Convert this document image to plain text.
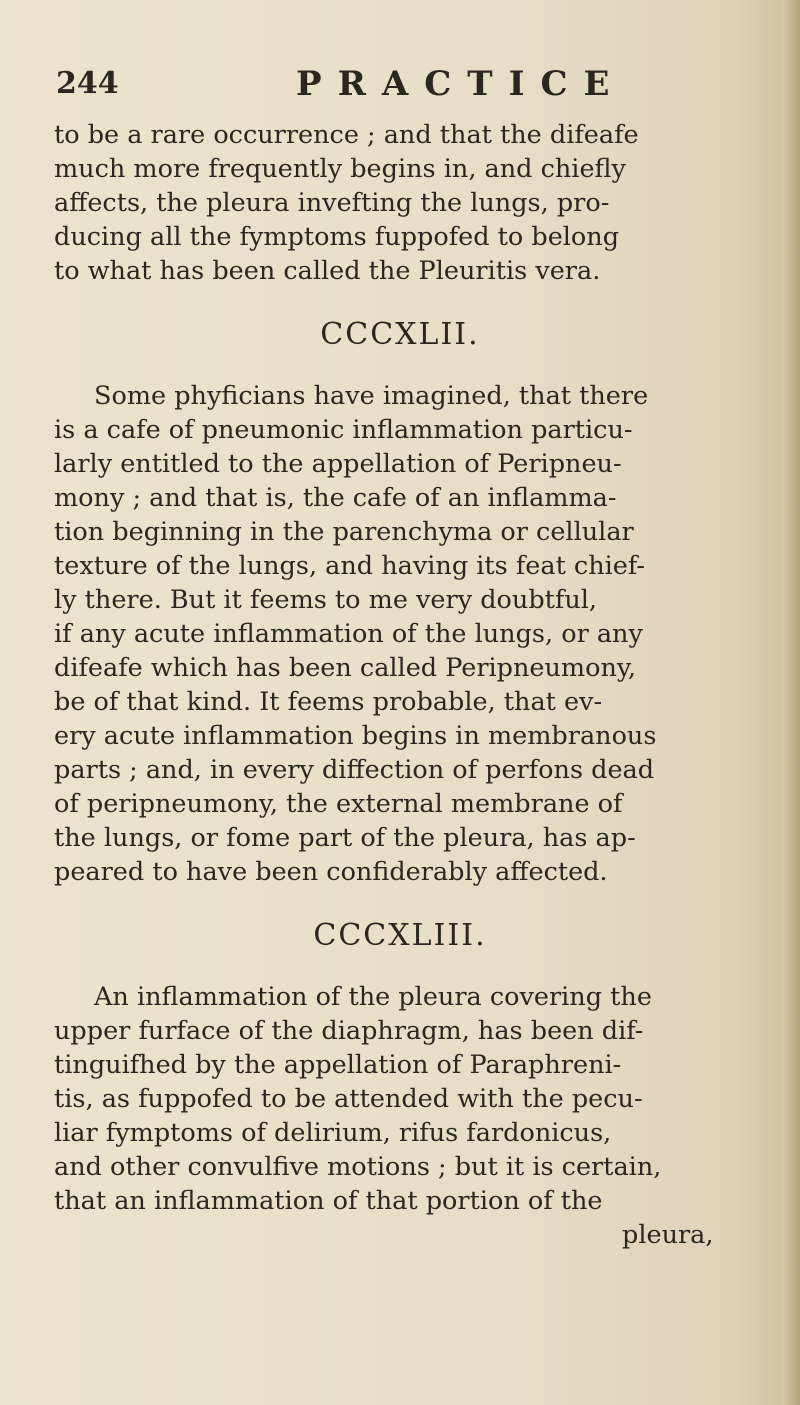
244	PRACTICE
to be a rare occurrence ; and that the difeafe
much more frequently begins in, and chiefly
affects, the pleura invefting the lungs, pro-
ducing all the fymptoms fuppofed to belong
to what has been called the Pleuritis vera.
CCCXLII.
Some phyficians have imagined, that there
is a cafe of pneumonic inflammation particu-
larly entitled to the appellation of Peripneu-
mony ; and that is, the cafe of an inflamma-
tion beginning in the parenchyma or cellular
texture of the lungs, and having its feat chief-
ly there. But it feems to me very doubtful,
if any acute inflammation of the lungs, or any
difeafe which has been called Peripneumony,
be of that kind. It feems probable, that ev-
ery acute inflammation begins in membranous
parts ; and, in every diffection of perfons dead
of peripneumony, the external membrane of
the lungs, or fome part of the pleura, has ap-
peared to have been confiderably affected.
CCCXLIII.
An inflammation of the pleura covering the
upper furface of the diaphragm, has been dif-
tinguifhed by the appellation of Paraphreni-
tis, as fuppofed to be attended with the pecu-
liar fymptoms of delirium, rifus fardonicus,
and other convulfive motions ; but it is certain,
that an inflammation of that portion of the
pleura,
